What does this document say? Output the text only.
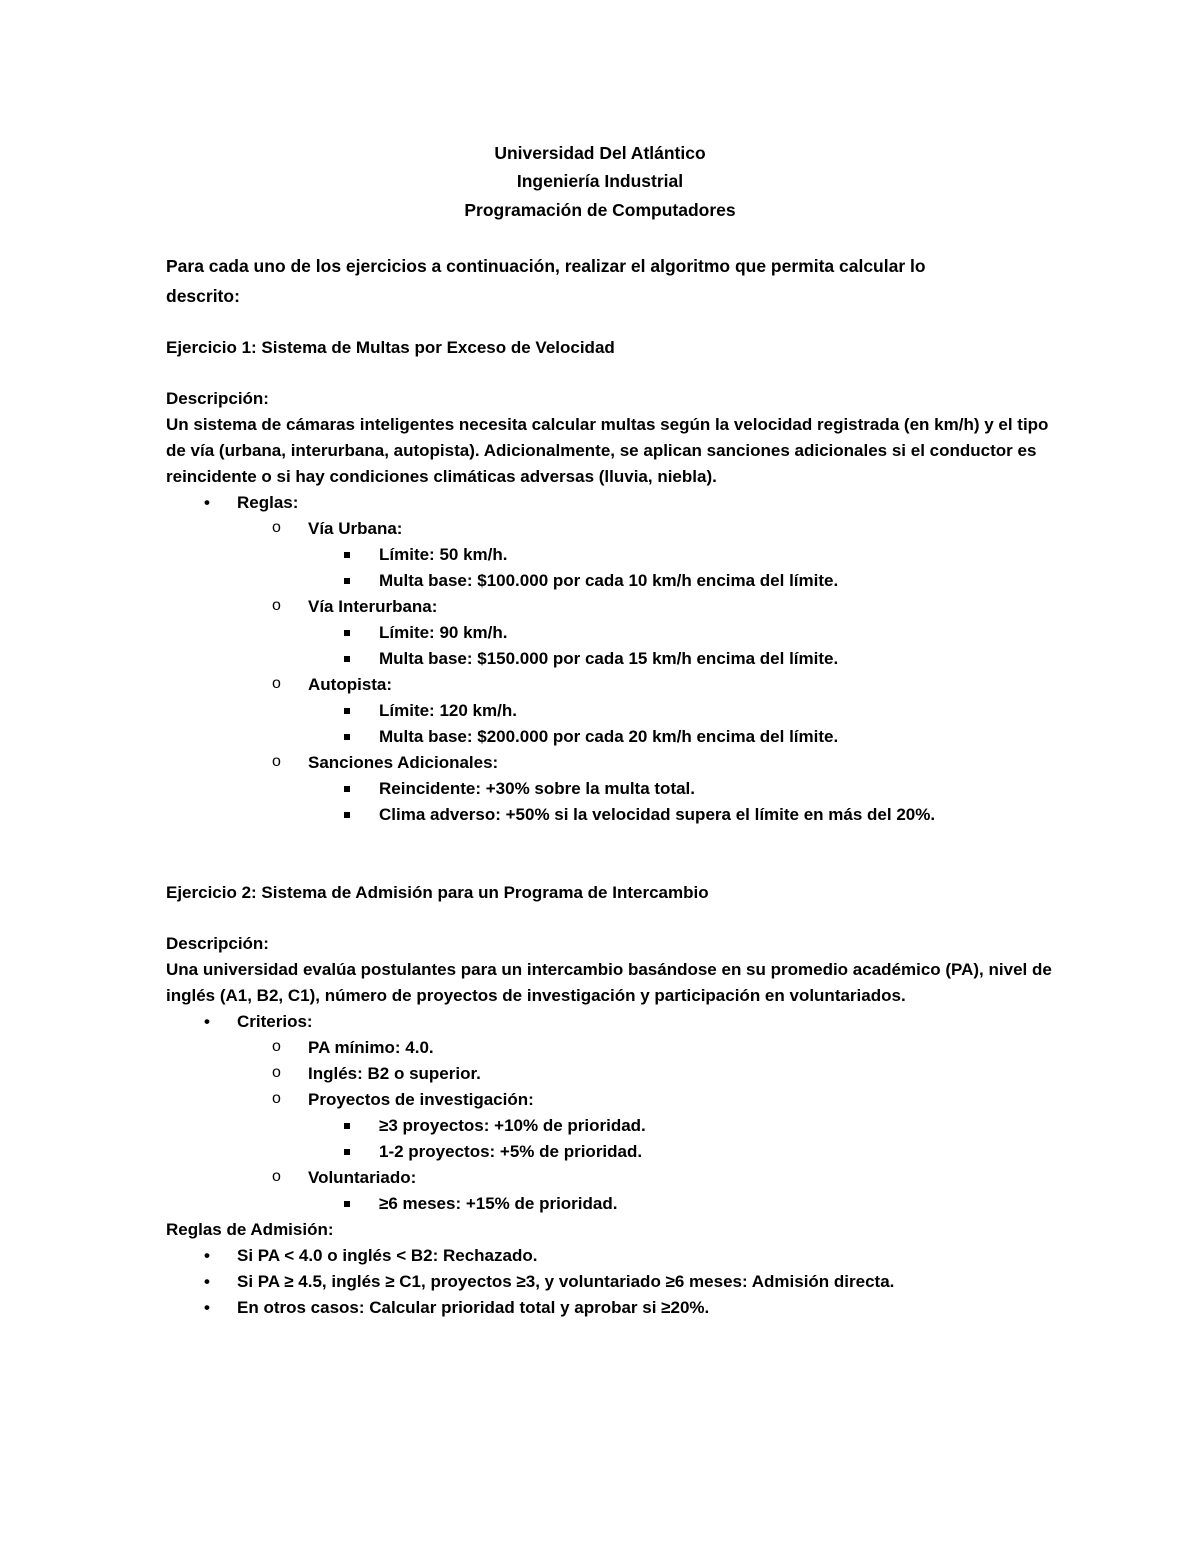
Universidad Del Atlántico
Ingeniería Industrial
Programación de Computadores
Para cada uno de los ejercicios a continuación, realizar el algoritmo que permita calcular lo
descrito:
Ejercicio 1: Sistema de Multas por Exceso de Velocidad
Descripción:
Un sistema de cámaras inteligentes necesita calcular multas según la velocidad registrada (en km/h) y el tipo
de vía (urbana, interurbana, autopista). Adicionalmente, se aplican sanciones adicionales si el conductor es
reincidente o si hay condiciones climáticas adversas (lluvia, niebla).
• Reglas:
o Vía Urbana:
Límite: 50 km/h.
Multa base: $100.000 por cada 10 km/h encima del límite.
o Vía Interurbana:
Límite: 90 km/h.
Multa base: $150.000 por cada 15 km/h encima del límite.
o Autopista:
Límite: 120 km/h.
Multa base: $200.000 por cada 20 km/h encima del límite.
o Sanciones Adicionales:
Reincidente: +30% sobre la multa total.
Clima adverso: +50% si la velocidad supera el límite en más del 20%.
Ejercicio 2: Sistema de Admisión para un Programa de Intercambio
Descripción:
Una universidad evalúa postulantes para un intercambio basándose en su promedio académico (PA), nivel de
inglés (A1, B2, C1), número de proyectos de investigación y participación en voluntariados.
• Criterios:
o PA mínimo: 4.0.
o Inglés: B2 o superior.
o Proyectos de investigación:
≥3 proyectos: +10% de prioridad.
1-2 proyectos: +5% de prioridad.
o Voluntariado:
≥6 meses: +15% de prioridad.
Reglas de Admisión:
• Si PA < 4.0 o inglés < B2: Rechazado.
• Si PA ≥ 4.5, inglés ≥ C1, proyectos ≥3, y voluntariado ≥6 meses: Admisión directa.
• En otros casos: Calcular prioridad total y aprobar si ≥20%.
